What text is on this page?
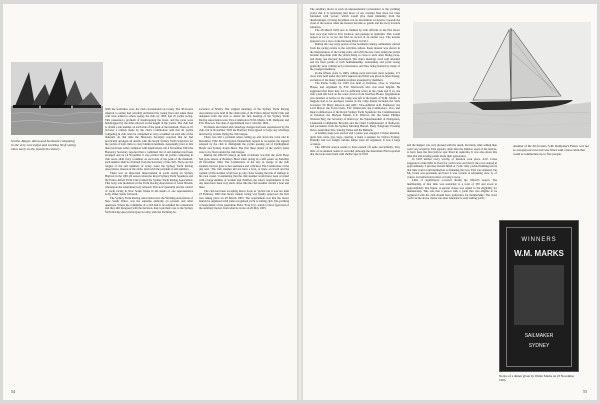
Scotia, Magic, Rona and Sunbeam competing in the very successful and exciting 30-ft rating class early in the twentieth century.

With the festivities over, the club concentrated on racing. The 30-footers referred to earlier had certainly enlivened the racing fleet and when these craft were added to others racing, the club, by 1903, had 25 yachts racing. This presented a problem of handicapping the boats, and the races were handicapped by the time allowed on the length of the yachts. The club had to obtain a sail number on each side of the peak of the mainsail. Then on 10 October a remark made by the club's Commodore said that all yachts competing in club races be compelled to carry a number on each side of the mainsail. At that time the Honorary Secretary reported that he had practically arranged all details with the Royal Sydney Yacht Squadron for the yachts of both clubs to carry identical numbers. Apparently prior to this there had been some confusion with duplications. On 4 November 1903 the Honorary Secretary reported that a combined list of sail numbers had been arranged and on 14 November it was carried 'that all yachts competing in club races, shall carry a number on each side of the peak of the mainsail, such number shall be obtained from the Secretary of the club'. Those are the origins of the sail numbers of today. Later the Sydney Yacht Racing Association, instead of the clubs, dealt with the problem of sail numbers.

There was an important improvement in yacht racing on Sydney Harbour in the 1901-02 season when the Royal Sydney Yacht Squadron and the Prince Alfred Yacht Club formed the Sydney Yacht Racing Association. This body was modelled on the Yacht Racing Association of Great Britain, whereupon the Australian body adopted. This now generally put the control of yacht racing in New South Wales in the hands of one representative body. Other States followed.

The Sydney Yacht Racing Association now the Yachting Association of New South Wales, was the supreme authority on protests and other questions. Where the committee of a club had to be satisfied the contestants and they still disagreed with the decision, they took their case to the Sydney Yacht Racing Association (just as today with the Yachting As-

sociation of NSW). The original meetings of the Sydney Yacht Racing Association were held in the clubrooms of the Prince Alfred Yacht Club and delegates from the club to attend the first meeting of the Sydney Yacht Racing Association were Vice-Commodore W.M. Marks, S.M. Dempster and F.W. Dawson. The date of appointment was 1 October 1902.

Problems associated with wharfage charges had been experienced by the club, but in November 1903 the Harbour Trust agreed to forgo any wharfage incurred by vessels flying the club burgee.

There was still a problem when calling up and down the coast and in December 1902 the Navigation Department agreed to recognise the signals adopted by the club to distinguish the yachts passing out of Darlinghurst Heads and Sydney South Head. The first three letters of the yacht's name were to be flown under the club burgee.

During the 1902-03 season an item of interest was that the yacht Fleur had gone ashore at Bradleys Head when racing in a stiff easter on Saturday 20 December 1902. The Commodore of the day, in charge of the club steamer, had not gone to her assistance and criticised. The Commodore of the day said, 'The club steamer did not have a boat, or lines, on board and the captain of this steamer would not go any closer fearing the risk of damage to his own vessel.' Considering that the club steamer would have been crowded with a large number of women and children, the safety requirements of the day must have been very slack. After this the club steamer carried a boat and lines.

The club had been accepting motor boats as 'yachts' but it was not until 23 February 1903 that motor launch racing was finally approved, the first race taking place on 28 March 1903. The requirement was that the motor launch be registered with some recognised yacht or sailing club. The yachting correspondent of the Australian Field, 'Fore Top', seems to have approved of the auxiliary motors from what he wrote on 20 May 1903:

54

The auxiliary motor is such an unprecedented convenience to the yachting world that it is surprising that more of our cruising fleet have not been furnished with 'power', which would give them immunity from the disadvantages of being becalmed, not an uncommon occurrence towards the close of the season when the breezes become so gentle and the sway towards sundown.

The 28 March 1903 race is claimed by club officials as the first motor boat race ever held in Port Jackson, and perhaps in Australia. This would appear to be so as we can find no record of an earlier race. The nearest appears to be a race on the Derwent River in 1911.

During the very early period of the twentieth century, enthusiasts carried from the racing events to the activities ashore. Keen interest was shown in the interpretation of the racing rules, and with the new class rating the yachts became important with the yachts being so close to each other during races, and many 'sea lawyers' developed. The club's meetings were well attended and the finer points of both helmsmanship, seamanship and yacht racing generally were coming up for discussion, and they being learned by many of the younger members.

In the fifteen years to 1903, sailing races had been most popular, 171 races were held under the club's auspices and 6242 was given in prize money, exclusive of the many valuable trophies presented by members.

The Easter Camp for 1903 was held at Vaucluse, close to Vaucluse House, and organised by F.W. Wentworth who was most helpful. He suggested that there may not be sufficient water in the creek and if so, the club could fall back on the water service from Vaucluse House. Organisation was detailed. A harbor in the camp was left in the hands of W.M. Marks. A flagpole had to be arranged. Guests at the camp dinner included the State Governor Sir Harry Rawson and ADC; Vice-Admiral A.D. Fanshawe; the Lord Mayor; the Town Clerk, F.W. Wentworth; the Commodore, Vice- and Rear-Commodores of the Royal Sydney Yacht Squadron; the Commissioners of Taxation; the Harbour Master, C.E. Philcox; Mr. the Sealer Phillips Watsons Bay; the Secretary of Railways; the Superintendent of Navigation, Lieutenant-Commander Bowden and the Chief Commissioner of Railways, and journalists from the Sydney Morning Herald, Daily Telegraph, Evening News, Australian Star, Sunday Times and the Bulletin.

A landing stage was erected and a piano was engaged. Cricket material, quoit bats, tents, jars, bags, catering, a band, a steamer for visitors Sydney, Friendly and two freight carbide lamps were all organised. It was a large occasion.

The 1903-04 season seems to have passed off quite successfully. Very little of an unusual nature is recorded although the Australian Field reported that the boats were lined with shellac tape in 1903

and the skipper was very pleased with the result, but many other sailing men were very sceptical. This appears, other than the bamboo spars of the natives, to have been the first hollow spar fitted in Australia. It was also about this time that anti-fouling paints made their appearance.

In 1903 neither every worthy of mention took place. A.W. Crane suggested a time limit be fixed for yacht races and that if the races started at approximately 3 pm they should finish at 7 pm. Only yachts finishing before that time could count themselves as finishing the race. This was defeated, but Mr. Crane was persistent and later it was carried. A refreshing view is, of course, an instruction in more of today's races.

Little of significance occurred during the 1904-05 season. The membership of that time was restricted to a total of 350 and stood at approximately that figure. A special clause was added to the eligibility for membership. This was that a person with a yacht that was eligible to be registered with the club should have preference for membership. The word 'yacht' in the above clause was later amended to read 'sailing yacht'.

Another of the 30-ft raters, S.M. Dempster's Petrel, was not so out-and-out racer but was fitted with a neat cabin that could accommodate up to five people.
WINNERS
W.M. MARKS
SAILMAKER
SYDNEY
Notice of a dinner given by Walter Marks on 23 November 1903.
55
